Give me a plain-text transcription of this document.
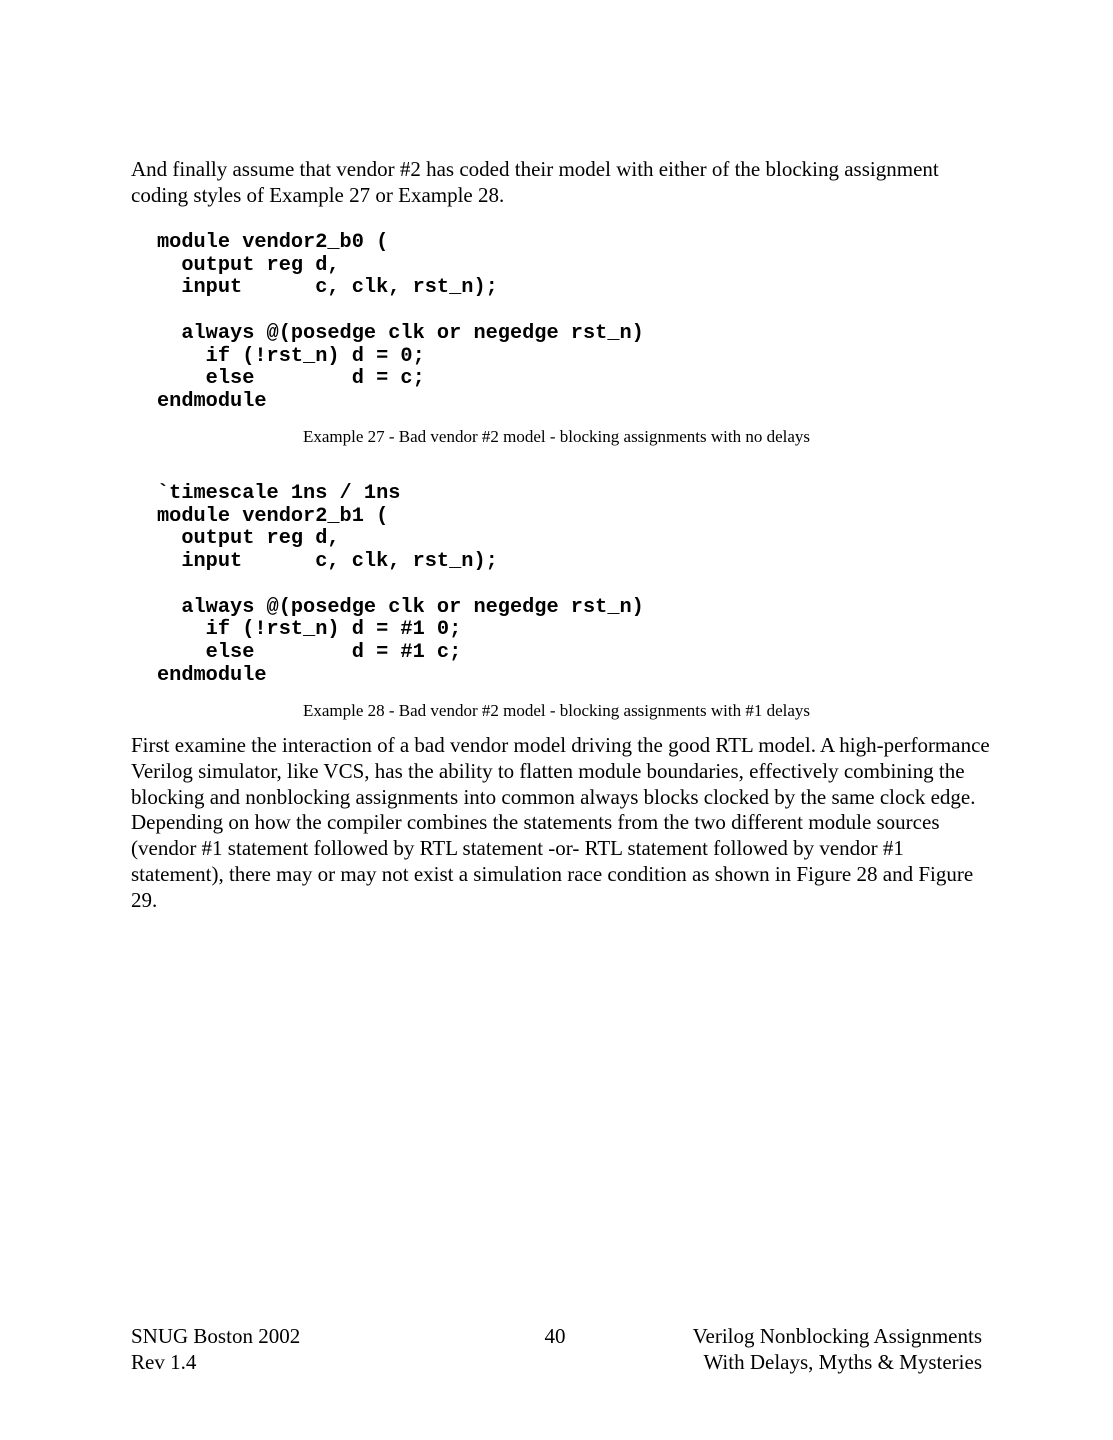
And finally assume that vendor #2 has coded their model with either of the blocking assignment coding styles of Example 27 or Example 28.

module vendor2_b0 (
output reg d,
input      c, clk, rst_n);

always @(posedge clk or negedge rst_n)
if (!rst_n) d = 0;
else        d = c;
endmodule

Example 27 - Bad vendor #2 model - blocking assignments with no delays

`timescale 1ns / 1ns
module vendor2_b1 (
output reg d,
input      c, clk, rst_n);

always @(posedge clk or negedge rst_n)
if (!rst_n) d = #1 0;
else        d = #1 c;
endmodule

Example 28 - Bad vendor #2 model - blocking assignments with #1 delays

First examine the interaction of a bad vendor model driving the good RTL model. A high-performance Verilog simulator, like VCS, has the ability to flatten module boundaries, effectively combining the blocking and nonblocking assignments into common always blocks clocked by the same clock edge. Depending on how the compiler combines the statements from the two different module sources (vendor #1 statement followed by RTL statement -or- RTL statement followed by vendor #1 statement), there may or may not exist a simulation race condition as shown in Figure 28 and Figure 29.

SNUG Boston 2002
Rev 1.4
40	Verilog Nonblocking Assignments
With Delays, Myths & Mysteries
